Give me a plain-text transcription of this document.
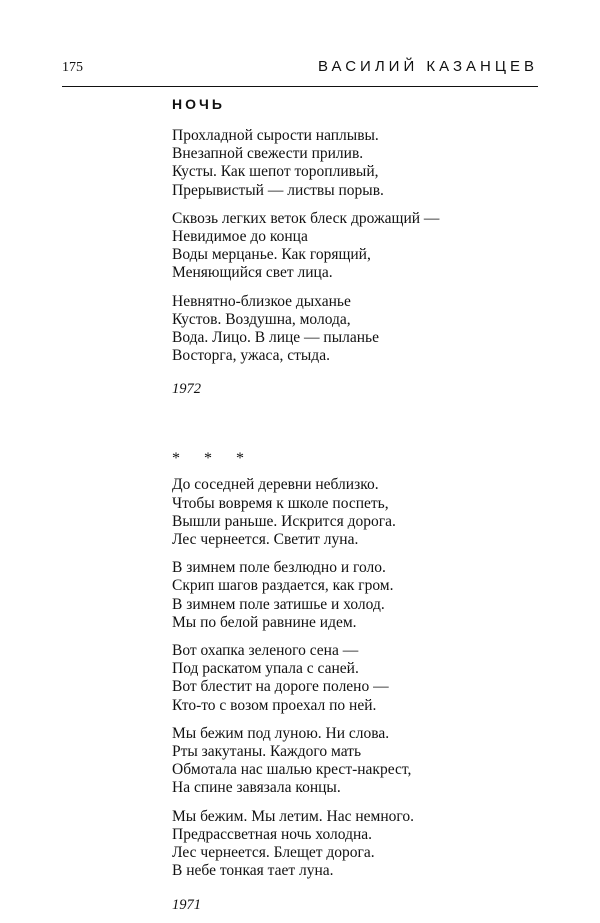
175	ВАСИЛИЙ КАЗАНЦЕВ
НОЧЬ
Прохладной сырости наплывы.
Внезапной свежести прилив.
Кусты. Как шепот торопливый,
Прерывистый — листвы порыв.
Сквозь легких веток блеск дрожащий —
Невидимое до конца
Воды мерцанье. Как горящий,
Меняющийся свет лица.
Невнятно-близкое дыханье
Кустов. Воздушна, молода,
Вода. Лицо. В лице — пыланье
Восторга, ужаса, стыда.
1972
* * *
До соседней деревни неблизко.
Чтобы вовремя к школе поспеть,
Вышли раньше. Искрится дорога.
Лес чернеется. Светит луна.
В зимнем поле безлюдно и голо.
Скрип шагов раздается, как гром.
В зимнем поле затишье и холод.
Мы по белой равнине идем.
Вот охапка зеленого сена —
Под раскатом упала с саней.
Вот блестит на дороге полено —
Кто-то с возом проехал по ней.
Мы бежим под луною. Ни слова.
Рты закутаны. Каждого мать
Обмотала нас шалью крест-накрест,
На спине завязала концы.
Мы бежим. Мы летим. Нас немного.
Предрассветная ночь холодна.
Лес чернеется. Блещет дорога.
В небе тонкая тает луна.
1971
